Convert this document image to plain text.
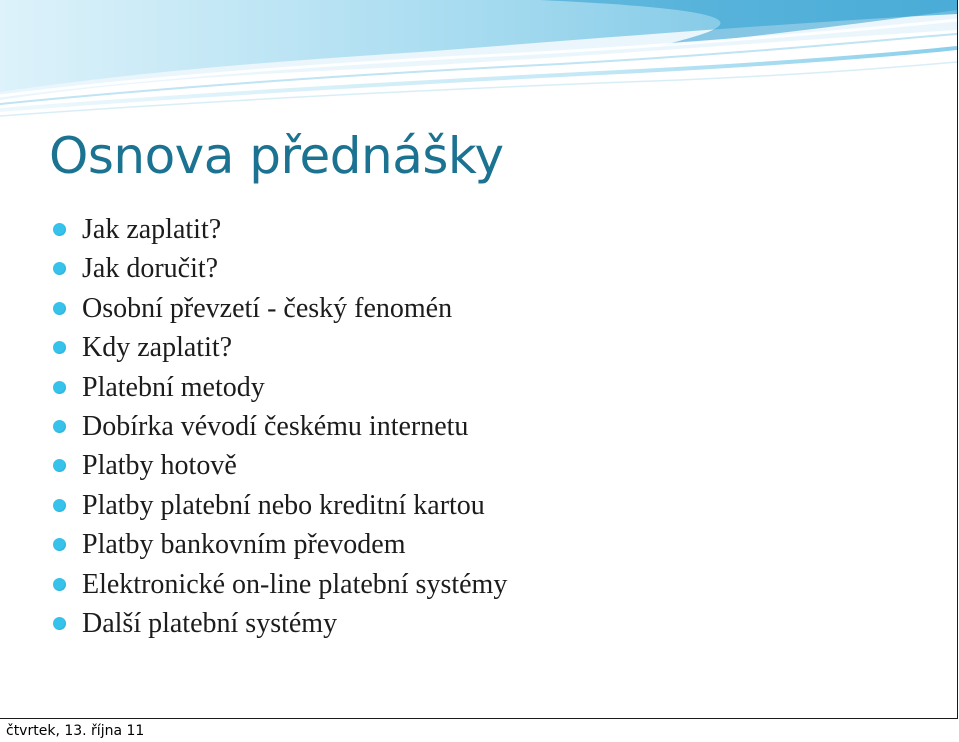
Osnova přednášky
Jak zaplatit?
Jak doručit?
Osobní převzetí - český fenomén
Kdy zaplatit?
Platební metody
Dobírka vévodí českému internetu
Platby hotově
Platby platební nebo kreditní kartou
Platby bankovním převodem
Elektronické on-line platební systémy
Další platební systémy
čtvrtek, 13. října 11
